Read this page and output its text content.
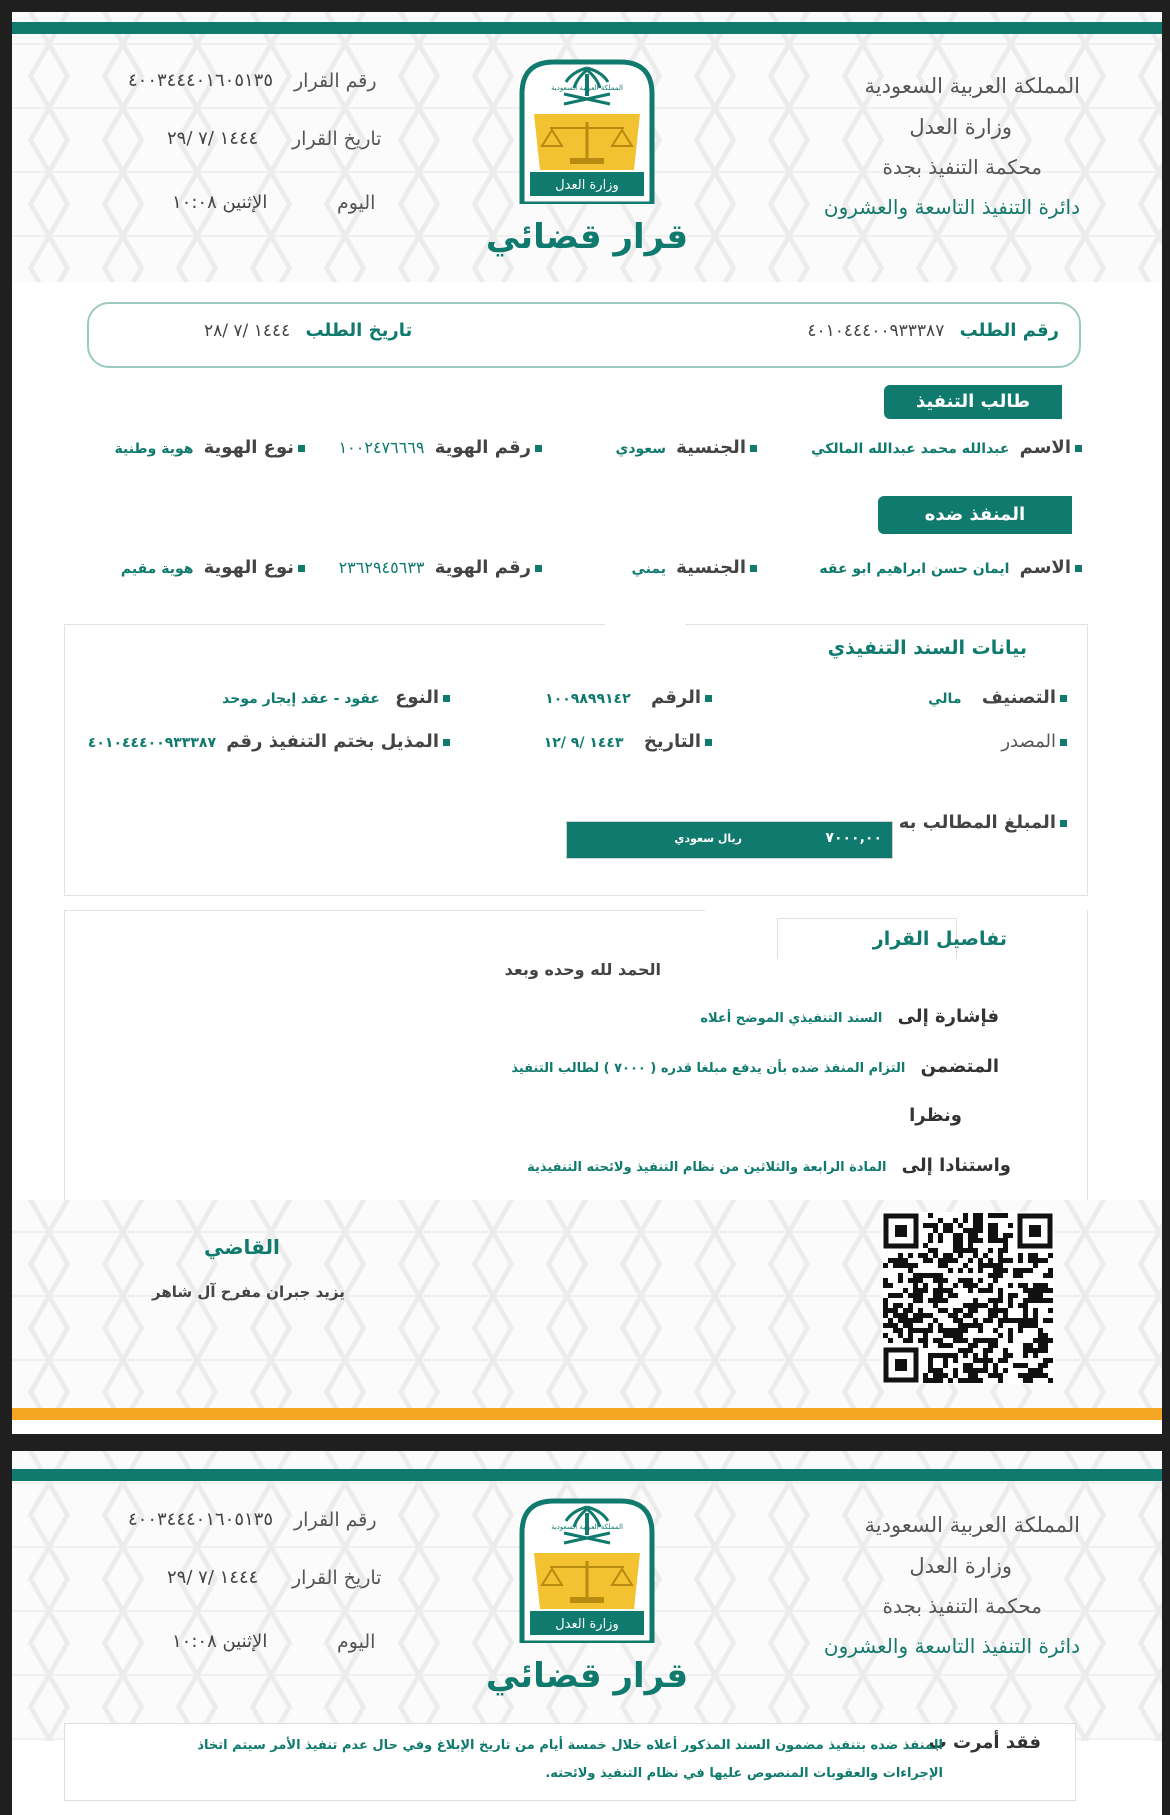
المملكة العربية السعودية
وزارة العدل
محكمة التنفيذ بجدة
دائرة التنفيذ التاسعة والعشرون
رقم القرار
٤٠٠٣٤٤٤٠١٦٠٥١٣٥
تاريخ القرار
١٤٤٤ /٧ /٢٩
اليوم
الإثنين ١٠:٠٨
المملكة العربية السعودية
وزارة العدل
قرار قضائي
رقم الطلب   ٤٠١٠٤٤٤٠٠٩٣٣٣٨٧
تاريخ الطلب   ١٤٤٤ /٧ /٢٨
طالب التنفيذ
الاسم  عبدالله محمد عبدالله المالكي
الجنسية  سعودي
رقم الهوية  ١٠٠٢٤٧٦٦٦٩
نوع الهوية  هوية وطنية
المنفذ ضده
الاسم  ايمان حسن ابراهيم ابو عقه
الجنسية  يمني
رقم الهوية  ٢٣٦٢٩٤٥٦٣٣
نوع الهوية  هوية مقيم
بيانات السند التنفيذي
التصنيف    مالي
الرقم    ١٠٠٩٨٩٩١٤٢
النوع   عقود - عقد إيجار موحد
المصدر
التاريخ    ١٤٤٣ /٩ /١٢
المذيل بختم التنفيذ رقم  ٤٠١٠٤٤٤٠٠٩٣٣٣٨٧
المبلغ المطالب به
٧٠٠٠,٠٠
ريال سعودي
تفاصيل القرار
الحمد لله وحده وبعد
فإشارة إلى   السند التنفيذي الموضح أعلاه
المتضمن   التزام المنفذ ضده بأن يدفع مبلغا قدره ( ٧٠٠٠ ) لطالب التنفيذ
ونظرا
واستنادا إلى   المادة الرابعة والثلاثين من نظام التنفيذ ولائحته التنفيذية
القاضي
يزيد جبران مفرح آل شاهر
المملكة العربية السعودية
وزارة العدل
محكمة التنفيذ بجدة
دائرة التنفيذ التاسعة والعشرون
رقم القرار
٤٠٠٣٤٤٤٠١٦٠٥١٣٥
تاريخ القرار
١٤٤٤ /٧ /٢٩
اليوم
الإثنين ١٠:٠٨
المملكة العربية السعودية
وزارة العدل
قرار قضائي
فقد أمرت ب
المنفذ ضده بتنفيذ مضمون السند المذكور أعلاه خلال خمسة أيام من تاريخ الإبلاغ وفي حال عدم تنفيذ الأمر سيتم اتخاذ
الإجراءات والعقوبات المنصوص عليها في نظام التنفيذ ولائحته.
